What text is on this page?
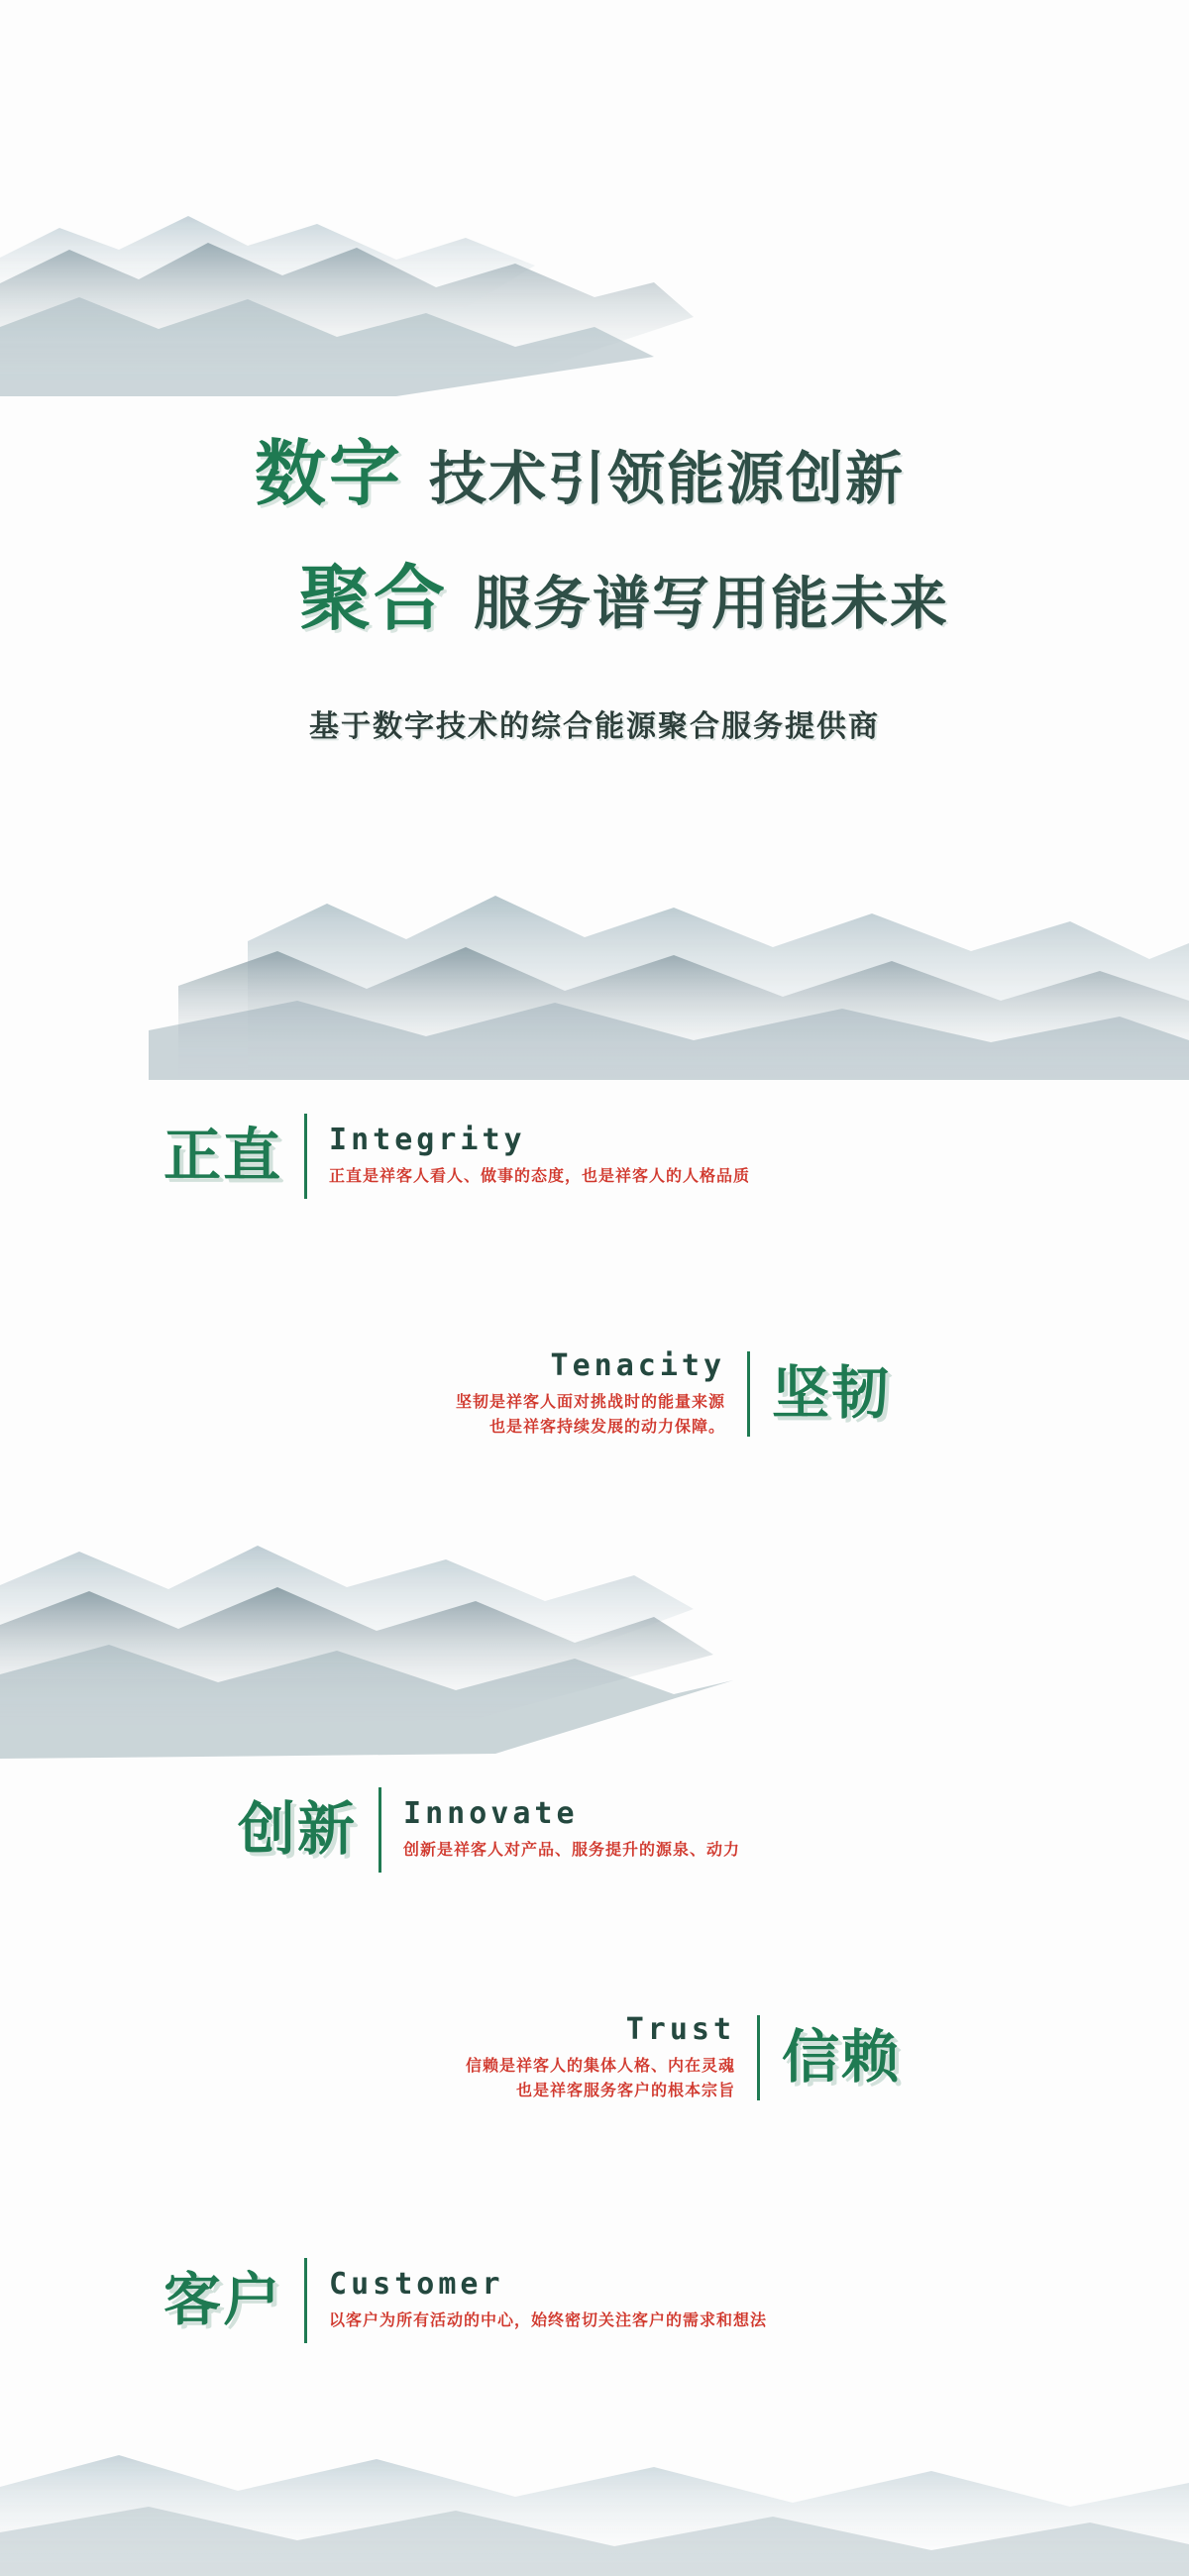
数字 技术引领能源创新
聚合 服务谱写用能未来
基于数字技术的综合能源聚合服务提供商
正直 Integrity
正直是祥客人看人、做事的态度，也是祥客人的人格品质
坚韧
Tenacity
坚韧是祥客人面对挑战时的能量来源
也是祥客持续发展的动力保障。
创新 Innovate
创新是祥客人对产品、服务提升的源泉、动力
信赖
Trust
信赖是祥客人的集体人格、内在灵魂
也是祥客服务客户的根本宗旨
客户 Customer
以客户为所有活动的中心，始终密切关注客户的需求和想法
